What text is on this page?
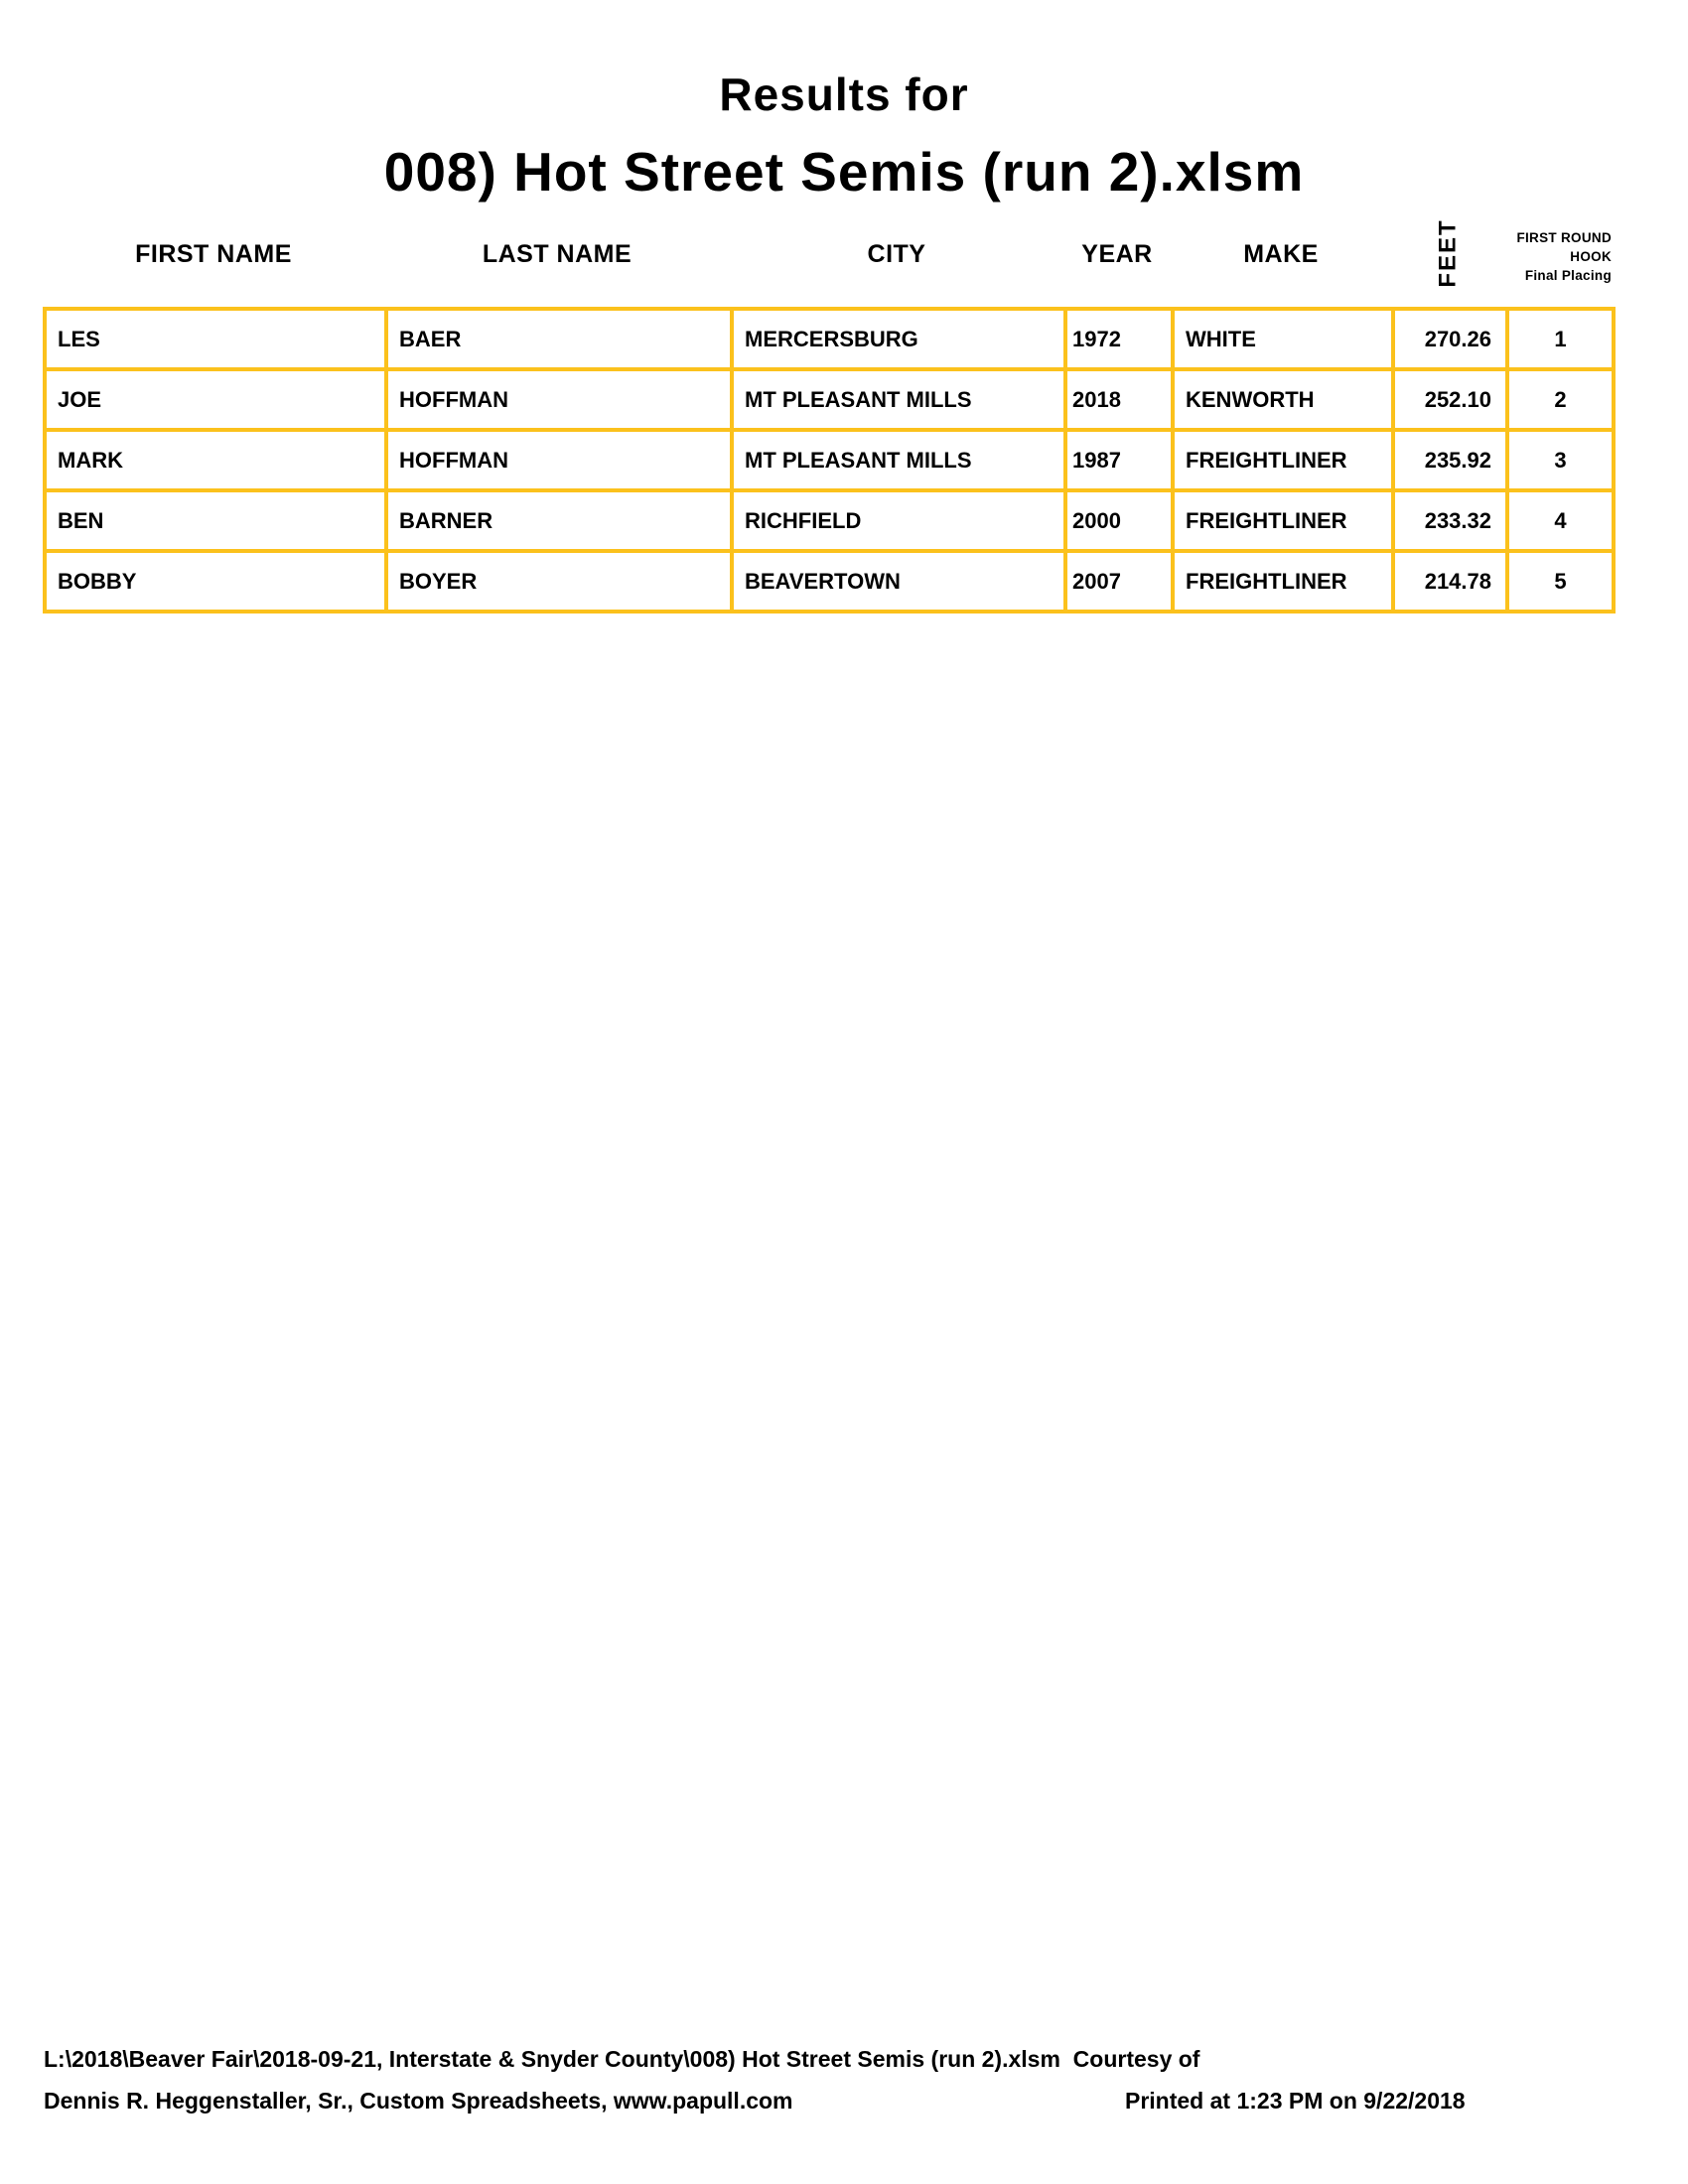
Results for
008) Hot Street Semis (run 2).xlsm
FIRST NAME	LAST NAME	CITY	YEAR	MAKE	FEET	FIRST ROUND
HOOK
Final Placing
LES	BAER	MERCERSBURG	1972	WHITE	270.26	1
JOE	HOFFMAN	MT PLEASANT MILLS	2018	KENWORTH	252.10	2
MARK	HOFFMAN	MT PLEASANT MILLS	1987	FREIGHTLINER	235.92	3
BEN	BARNER	RICHFIELD	2000	FREIGHTLINER	233.32	4
BOBBY	BOYER	BEAVERTOWN	2007	FREIGHTLINER	214.78	5
L:\2018\Beaver Fair\2018-09-21, Interstate & Snyder County\008) Hot Street Semis (run 2).xlsm  Courtesy of
Dennis R. Heggenstaller, Sr., Custom Spreadsheets, www.papull.com	Printed at 1:23 PM on 9/22/2018
